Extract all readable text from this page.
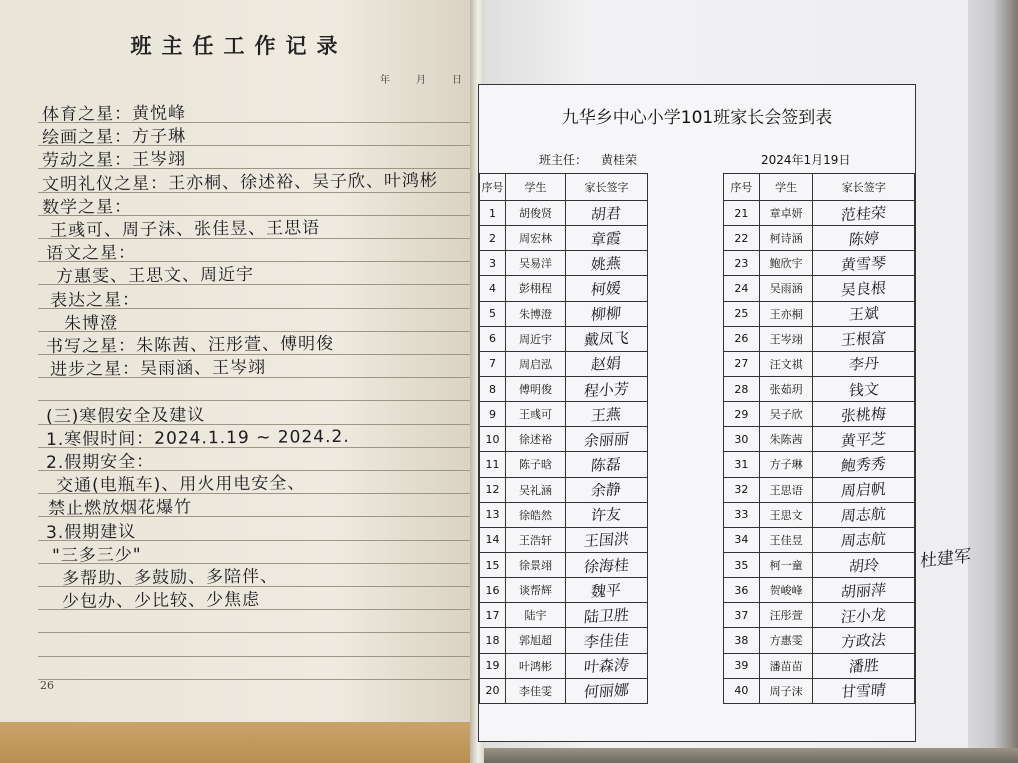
班主任工作记录
年	月	日
体育之星：黄悦峰
绘画之星：方子琳
劳动之星：王岑翊
文明礼仪之星：王亦桐、徐述裕、吴子欣、叶鸿彬
数学之星：
王彧可、周子沫、张佳昱、王思语
语文之星：
方惠雯、王思文、周近宇
表达之星：
朱博澄
书写之星：朱陈茜、汪彤萱、傅明俊
进步之星：吴雨涵、王岑翊
(三)寒假安全及建议
1.寒假时间：2024.1.19 ~ 2024.2.
2.假期安全：
交通(电瓶车)、用火用电安全、
禁止燃放烟花爆竹
3.假期建议
"三多三少"
多帮助、多鼓励、多陪伴、
少包办、少比较、少焦虑
26
九华乡中心小学101班家长会签到表
班主任： 黄桂荣	2024年1月19日
序号	学生	家长签字
1	胡俊贤	胡君
2	周宏林	章霞
3	吴易洋	姚燕
4	彭栩程	柯媛
5	朱博澄	柳柳
6	周近宇	戴凤飞
7	周启泓	赵娟
8	傅明俊	程小芳
9	王彧可	王燕
10	徐述裕	余丽丽
11	陈子晗	陈磊
12	吴礼涵	余静
13	徐皓然	许友
14	王浩轩	王国洪
15	徐景翊	徐海桂
16	谈帮辉	魏平
17	陆宇	陆卫胜
18	郭旭超	李佳佳
19	叶鸿彬	叶森涛
20	李佳雯	何丽娜
序号	学生	家长签字
21	章卓妍	范桂荣
22	柯诗涵	陈婷
23	鲍欣宇	黄雪琴
24	吴雨涵	吴良根
25	王亦桐	王斌
26	王岑翊	王根富
27	汪文祺	李丹
28	张茹玥	钱文
29	吴子欣	张桃梅
30	朱陈茜	黄平芝
31	方子琳	鲍秀秀
32	王思语	周启帆
33	王思文	周志航
34	王佳昱	周志航
35	柯一童	胡玲
36	贺峻峰	胡丽萍
37	汪彤萱	汪小龙
38	方惠雯	方政法
39	潘苗苗	潘胜
40	周子沫	甘雪晴
杜建军
